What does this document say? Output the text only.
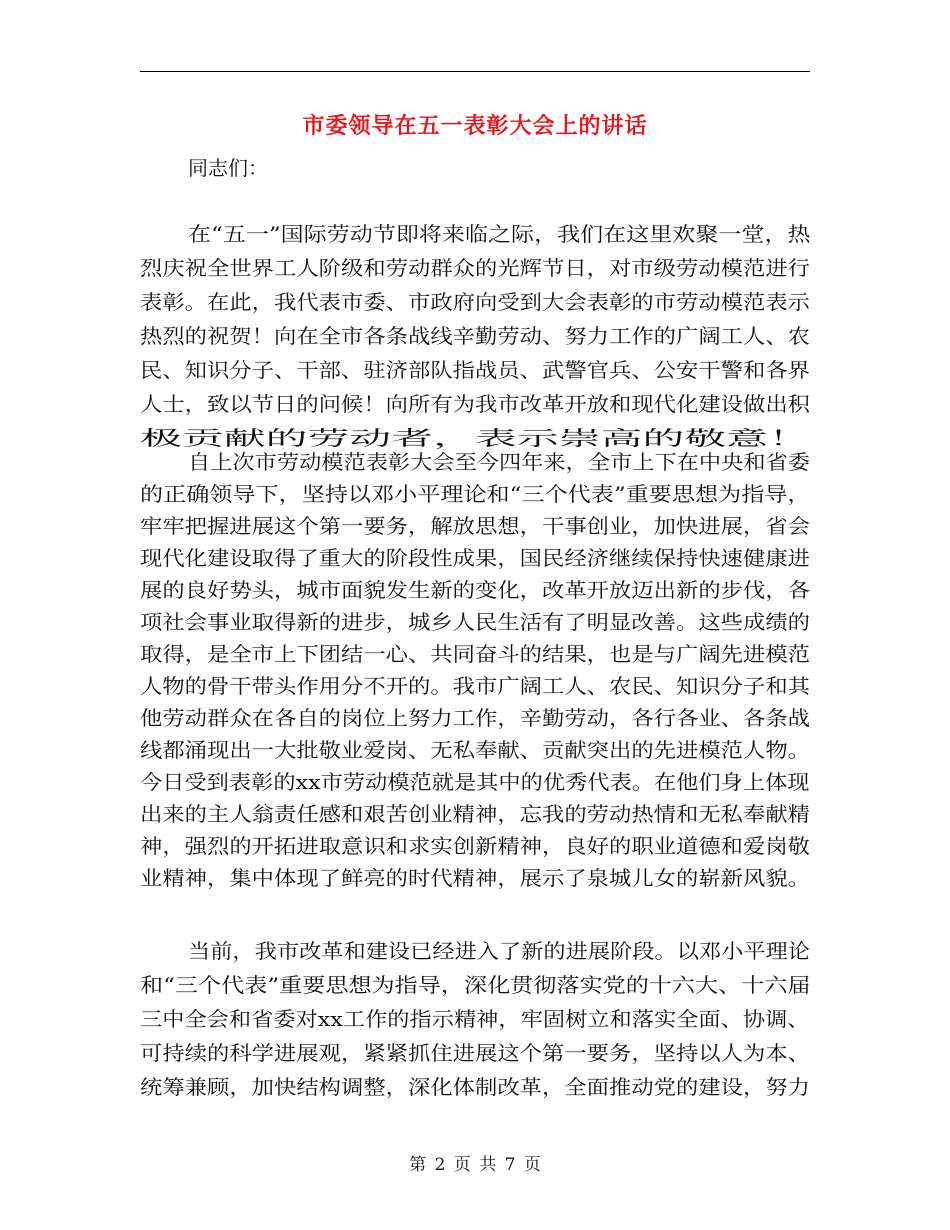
市委领导在五一表彰大会上的讲话
同志们：
在“五一”国际劳动节即将来临之际，我们在这里欢聚一堂，热
烈庆祝全世界工人阶级和劳动群众的光辉节日，对市级劳动模范进行
表彰。在此，我代表市委、市政府向受到大会表彰的市劳动模范表示
热烈的祝贺！向在全市各条战线辛勤劳动、努力工作的广阔工人、农
民、知识分子、干部、驻济部队指战员、武警官兵、公安干警和各界
人士，致以节日的问候！向所有为我市改革开放和现代化建设做出积
极贡献的劳动者，表示崇高的敬意！
自上次市劳动模范表彰大会至今四年来，全市上下在中央和省委
的正确领导下，坚持以邓小平理论和“三个代表”重要思想为指导，
牢牢把握进展这个第一要务，解放思想，干事创业，加快进展，省会
现代化建设取得了重大的阶段性成果，国民经济继续保持快速健康进
展的良好势头，城市面貌发生新的变化，改革开放迈出新的步伐，各
项社会事业取得新的进步，城乡人民生活有了明显改善。这些成绩的
取得，是全市上下团结一心、共同奋斗的结果，也是与广阔先进模范
人物的骨干带头作用分不开的。我市广阔工人、农民、知识分子和其
他劳动群众在各自的岗位上努力工作，辛勤劳动，各行各业、各条战
线都涌现出一大批敬业爱岗、无私奉献、贡献突出的先进模范人物。
今日受到表彰的xx市劳动模范就是其中的优秀代表。在他们身上体现
出来的主人翁责任感和艰苦创业精神，忘我的劳动热情和无私奉献精
神，强烈的开拓进取意识和求实创新精神，良好的职业道德和爱岗敬
业精神，集中体现了鲜亮的时代精神，展示了泉城儿女的崭新风貌。
当前，我市改革和建设已经进入了新的进展阶段。以邓小平理论
和“三个代表”重要思想为指导，深化贯彻落实党的十六大、十六届
三中全会和省委对xx工作的指示精神，牢固树立和落实全面、协调、
可持续的科学进展观，紧紧抓住进展这个第一要务，坚持以人为本、
统筹兼顾，加快结构调整，深化体制改革，全面推动党的建设，努力
第 2 页 共 7 页
